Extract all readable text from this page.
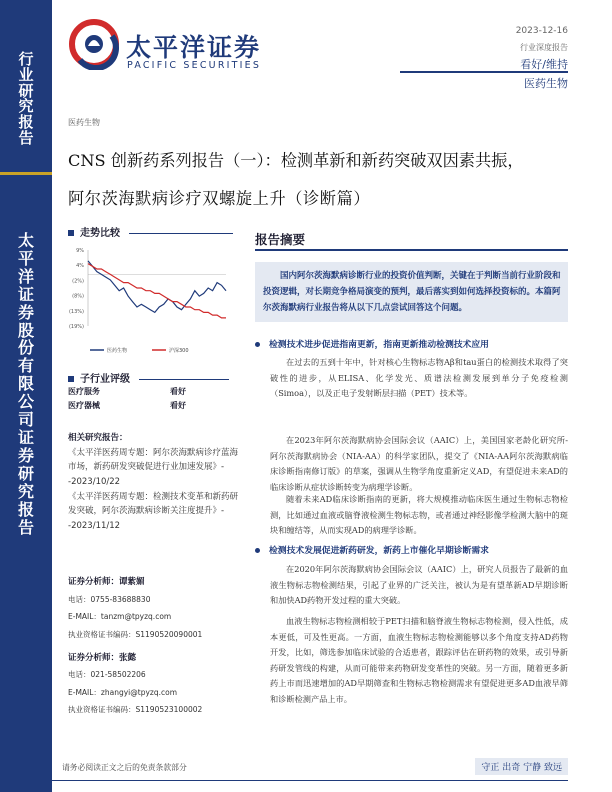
行
业
研
究
报
告
太
平
洋
证
券
股
份
有
限
公
司
证
券
研
究
报
告
太平洋证券
PACIFIC SECURITIES
2023-12-16
行业深度报告
看好/维持
医药生物
医药生物
CNS 创新药系列报告（一）：检测革新和新药突破双因素共振，
阿尔茨海默病诊疗双螺旋上升（诊断篇）
走势比较
9%
4%
(2%)
(8%)
(13%)
(19%)
医药生物	沪深300
子行业评级
医疗服务	看好
医疗器械	看好
相关研究报告：
《太平洋医药周专题：阿尔茨海默病诊疗蓝海市场，新药研发突破促进行业加速发展》--2023/10/22
《太平洋医药周专题：检测技术变革和新药研发突破，阿尔茨海默病诊断关注度提升》--2023/11/12
证券分析师：谭紫媚
电话：0755-83688830
E-MAIL：tanzm@tpyzq.com
执业资格证书编码：S1190520090001
证券分析师：张懿
电话：021-58502206
E-MAIL：zhangyi@tpyzq.com
执业资格证书编码：S1190523100002
报告摘要
国内阿尔茨海默病诊断行业的投资价值判断，关键在于判断当前行业阶段和投资逻辑，对长期竞争格局演变的预判，最后落实到如何选择投资标的。本篇阿尔茨海默病行业报告将从以下几点尝试回答这个问题。
检测技术进步促进指南更新，指南更新推动检测技术应用
在过去的五到十年中，针对核心生物标志物Aβ和tau蛋白的检测技术取得了突破性的进步，从ELISA、化学发光、质谱法检测发展到单分子免疫检测（Simoa），以及正电子发射断层扫描（PET）技术等。
在2023年阿尔茨海默病协会国际会议（AAIC）上，美国国家老龄化研究所-阿尔茨海默病协会（NIA-AA）的科学家团队，提交了《NIA-AA阿尔茨海默病临床诊断指南修订版》的草案，强调从生物学角度重新定义AD，有望促进未来AD的临床诊断从症状诊断转变为病理学诊断。
随着未来AD临床诊断指南的更新，将大规模推动临床医生通过生物标志物检测，比如通过血液或脑脊液检测生物标志物，或者通过神经影像学检测大脑中的斑块和缠结等，从而实现AD的病理学诊断。
检测技术发展促进新药研发，新药上市催化早期诊断需求
在2020年阿尔茨海默病协会国际会议（AAIC）上，研究人员报告了最新的血液生物标志物检测结果，引起了业界的广泛关注，被认为是有望革新AD早期诊断和加快AD药物开发过程的重大突破。
血液生物标志物检测相较于PET扫描和脑脊液生物标志物检测，侵入性低，成本更低，可及性更高。一方面，血液生物标志物检测能够以多个角度支持AD药物开发，比如，筛选参加临床试验的合适患者，跟踪评估在研药物的效果，或引导新药研发管线的构建，从而可能带来药物研发变革性的突破。另一方面，随着更多新药上市而迅速增加的AD早期筛查和生物标志物检测需求有望促进更多AD血液早筛和诊断检测产品上市。
请务必阅读正文之后的免责条款部分	守正 出奇 宁静 致远
